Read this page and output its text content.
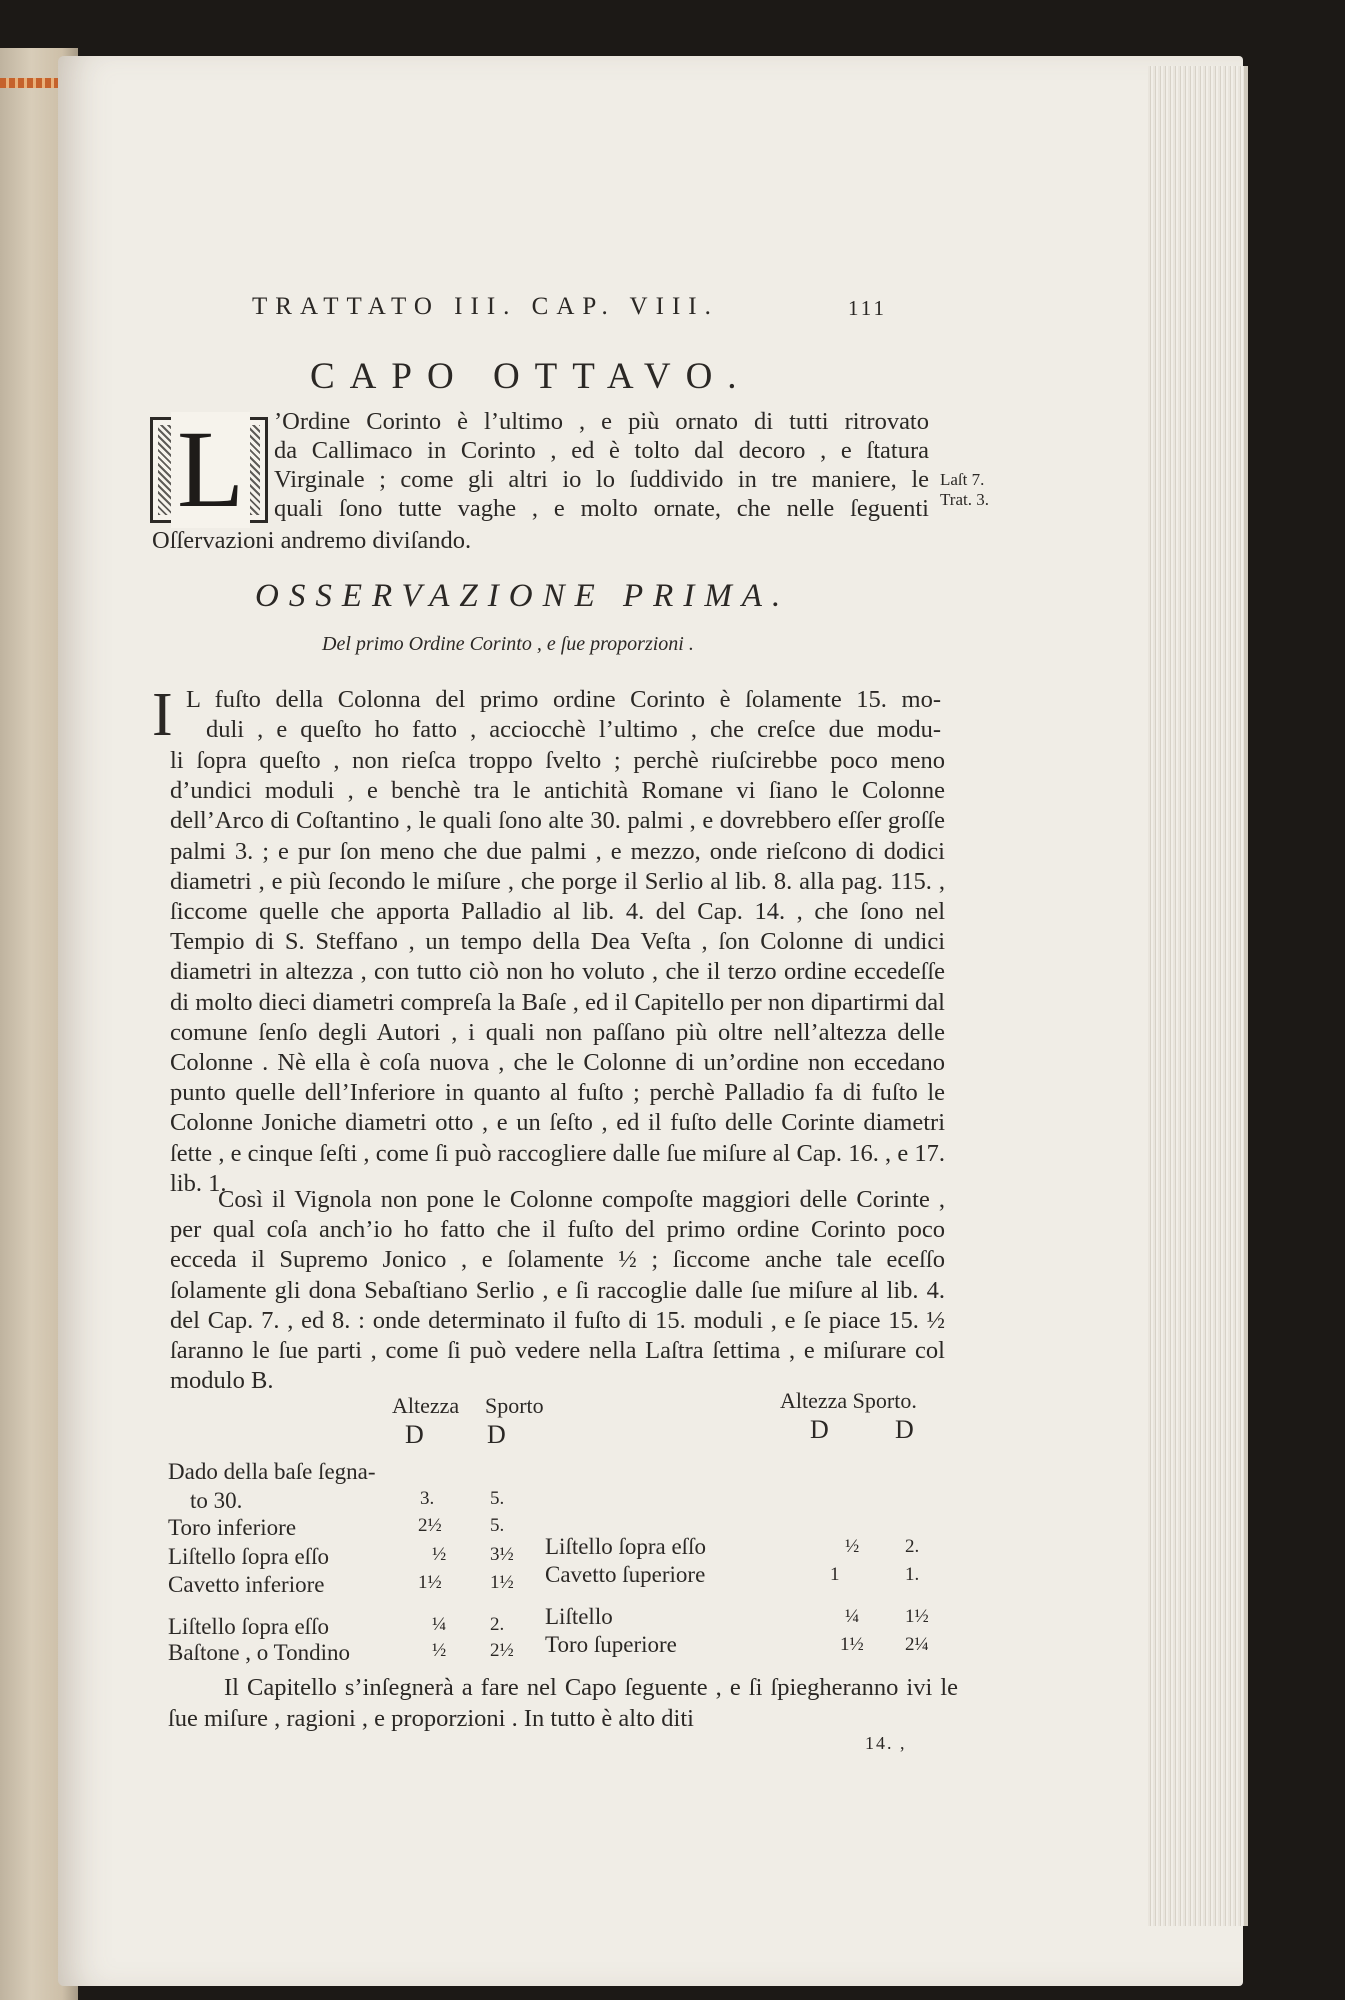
TRATTATO III. CAP. VIII.	111
CAPO OTTAVO.
L ’Ordine Corinto è l’ultimo , e più ornato di tutti ritrovato
da Callimaco in Corinto , ed è tolto dal decoro , e ſtatura
Virginale ; come gli altri io lo ſuddivido in tre maniere, le
quali ſono tutte vaghe , e molto ornate, che nelle ſeguenti
Oſſervazioni andremo diviſando.
Laſt 7.
Trat. 3.
OSSERVAZIONE PRIMA.
Del primo Ordine Corinto , e ſue proporzioni .
I L fuſto della Colonna del primo ordine Corinto è ſolamente 15. mo-
duli , e queſto ho fatto , acciocchè l’ultimo , che creſce due modu-
li ſopra queſto , non rieſca troppo ſvelto ; perchè riuſcirebbe poco meno d’undici moduli , e benchè tra le antichità Romane vi ſiano le Colonne dell’Arco di Coſtantino , le quali ſono alte 30. palmi , e dovrebbero eſſer groſſe palmi 3. ; e pur ſon meno che due palmi , e mezzo, onde rieſcono di dodici diametri , e più ſecondo le miſure , che porge il Serlio al lib. 8. alla pag. 115. , ſiccome quelle che apporta Palladio al lib. 4. del Cap. 14. , che ſono nel Tempio di S. Steffano , un tempo della Dea Veſta , ſon Colonne di undici diametri in altezza , con tutto ciò non ho voluto , che il terzo ordine eccedeſſe di molto dieci diametri compreſa la Baſe , ed il Capitello per non dipartirmi dal comune ſenſo degli Autori , i quali non paſſano più oltre nell’altezza delle Colonne . Nè ella è coſa nuova , che le Colonne di un’ordine non eccedano punto quelle dell’Inferiore in quanto al fuſto ; perchè Palladio fa di fuſto le Colonne Joniche diametri otto , e un ſeſto , ed il fuſto delle Corinte diametri ſette , e cinque ſeſti , come ſi può raccogliere dalle ſue miſure al Cap. 16. , e 17. lib. 1.
Così il Vignola non pone le Colonne compoſte maggiori delle Corinte , per qual coſa anch’io ho fatto che il fuſto del primo ordine Corinto poco ecceda il Supremo Jonico , e ſolamente ½ ; ſiccome anche tale eceſſo ſolamente gli dona Sebaſtiano Serlio , e ſi raccoglie dalle ſue miſure al lib. 4. del Cap. 7. , ed 8. : onde determinato il fuſto di 15. moduli , e ſe piace 15. ½ ſaranno le ſue parti , come ſi può vedere nella Laſtra ſettima , e miſurare col modulo B.
Altezza Sporto	Altezza Sporto.
D D	D	D
Dado della baſe ſegna-
to 30.	3.	5.
Toro inferiore	2½	5.
Liſtello ſopra eſſo	½ 3½
Cavetto inferiore	1½	1½
Liſtello ſopra eſſo	¼ 2.
Baſtone , o Tondino	½ 2½
Liſtello ſopra eſſo	½ 2.
Cavetto ſuperiore	1	1.
Liſtello	¼ 1½
Toro ſuperiore	1½ 2¼
Il Capitello s’inſegnerà a fare nel Capo ſeguente , e ſi ſpiegheranno ivi le ſue miſure , ragioni , e proporzioni . In tutto è alto diti
14. ,
